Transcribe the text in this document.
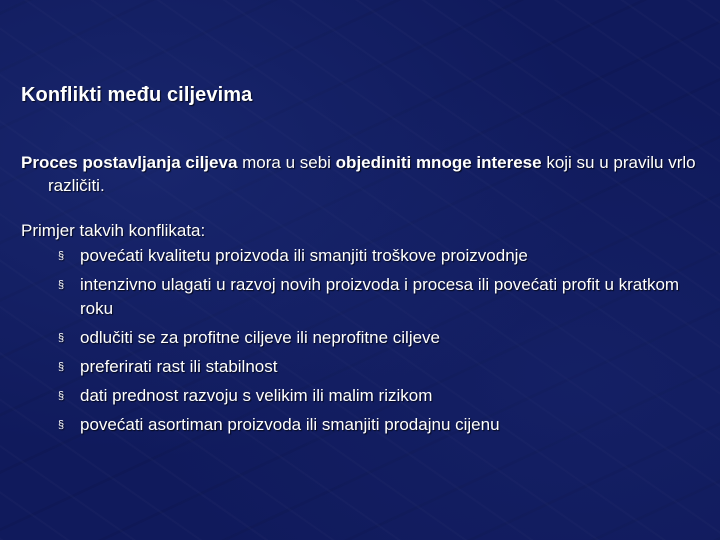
Konflikti među ciljevima
Proces postavljanja ciljeva mora u sebi objediniti mnoge interese koji su u pravilu vrlo različiti.
Primjer takvih konflikata:
§ povećati kvalitetu proizvoda ili smanjiti troškove proizvodnje
§ intenzivno ulagati u razvoj novih proizvoda i procesa ili povećati profit u kratkom roku
§ odlučiti se za profitne ciljeve ili neprofitne ciljeve
§ preferirati rast ili stabilnost
§ dati prednost razvoju s velikim ili malim rizikom
§ povećati asortiman proizvoda ili smanjiti prodajnu cijenu
